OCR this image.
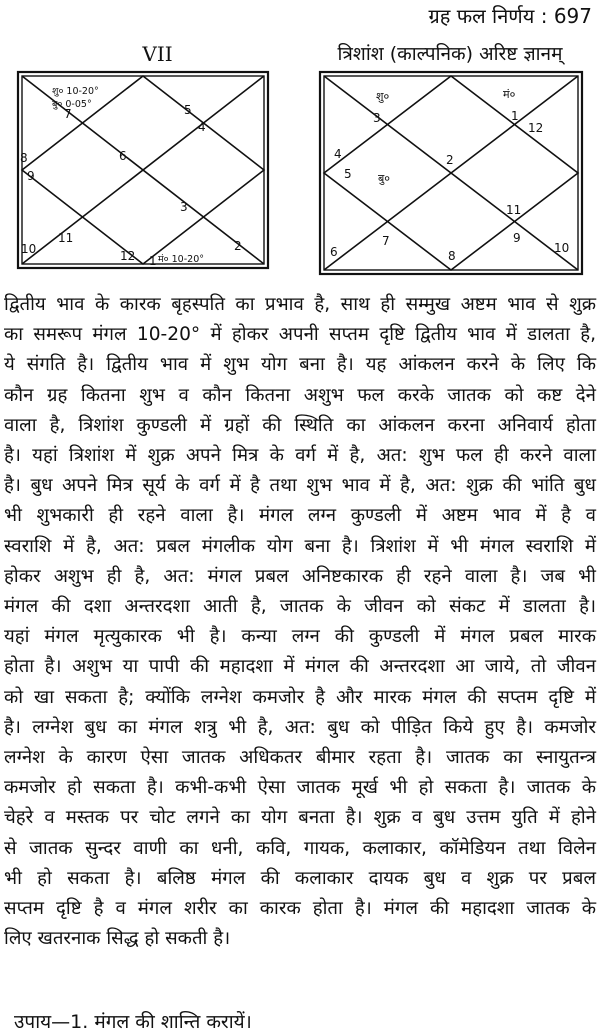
ग्रह फल निर्णय : 697
VII	त्रिशांश (काल्पनिक) अरिष्ट ज्ञानम्
7
6
5
4
8
9
3
10
11
12 1
2
शु० 10-20°
बु० 0-05°
मं० 10-20°
3	1
12
4
5
2
11
9
6
7
8
10
शु०	मं०
बु०
द्वितीय भाव के कारक बृहस्पति का प्रभाव है, साथ ही सम्मुख अष्टम भाव से शुक्र
का समरूप मंगल 10-20° में होकर अपनी सप्तम दृष्टि द्वितीय भाव में डालता है,
ये संगति है। द्वितीय भाव में शुभ योग बना है। यह आंकलन करने के लिए कि
कौन ग्रह कितना शुभ व कौन कितना अशुभ फल करके जातक को कष्ट देने
वाला है, त्रिशांश कुण्डली में ग्रहों की स्थिति का आंकलन करना अनिवार्य होता
है। यहां त्रिशांश में शुक्र अपने मित्र के वर्ग में है, अत: शुभ फल ही करने वाला
है। बुध अपने मित्र सूर्य के वर्ग में है तथा शुभ भाव में है, अत: शुक्र की भांति बुध
भी शुभकारी ही रहने वाला है। मंगल लग्न कुण्डली में अष्टम भाव में है व
स्वराशि में है, अत: प्रबल मंगलीक योग बना है। त्रिशांश में भी मंगल स्वराशि में
होकर अशुभ ही है, अत: मंगल प्रबल अनिष्टकारक ही रहने वाला है। जब भी
मंगल की दशा अन्तरदशा आती है, जातक के जीवन को संकट में डालता है।
यहां मंगल मृत्युकारक भी है। कन्या लग्न की कुण्डली में मंगल प्रबल मारक
होता है। अशुभ या पापी की महादशा में मंगल की अन्तरदशा आ जाये, तो जीवन
को खा सकता है; क्योंकि लग्नेश कमजोर है और मारक मंगल की सप्तम दृष्टि में
है। लग्नेश बुध का मंगल शत्रु भी है, अत: बुध को पीड़ित किये हुए है। कमजोर
लग्नेश के कारण ऐसा जातक अधिकतर बीमार रहता है। जातक का स्नायुतन्त्र
कमजोर हो सकता है। कभी-कभी ऐसा जातक मूर्ख भी हो सकता है। जातक के
चेहरे व मस्तक पर चोट लगने का योग बनता है। शुक्र व बुध उत्तम युति में होने
से जातक सुन्दर वाणी का धनी, कवि, गायक, कलाकार, कॉमेडियन तथा विलेन
भी हो सकता है। बलिष्ठ मंगल की कलाकार दायक बुध व शुक्र पर प्रबल
सप्तम दृष्टि है व मंगल शरीर का कारक होता है। मंगल की महादशा जातक के
लिए खतरनाक सिद्ध हो सकती है।
उपाय—1. मंगल की शान्ति करायें।
